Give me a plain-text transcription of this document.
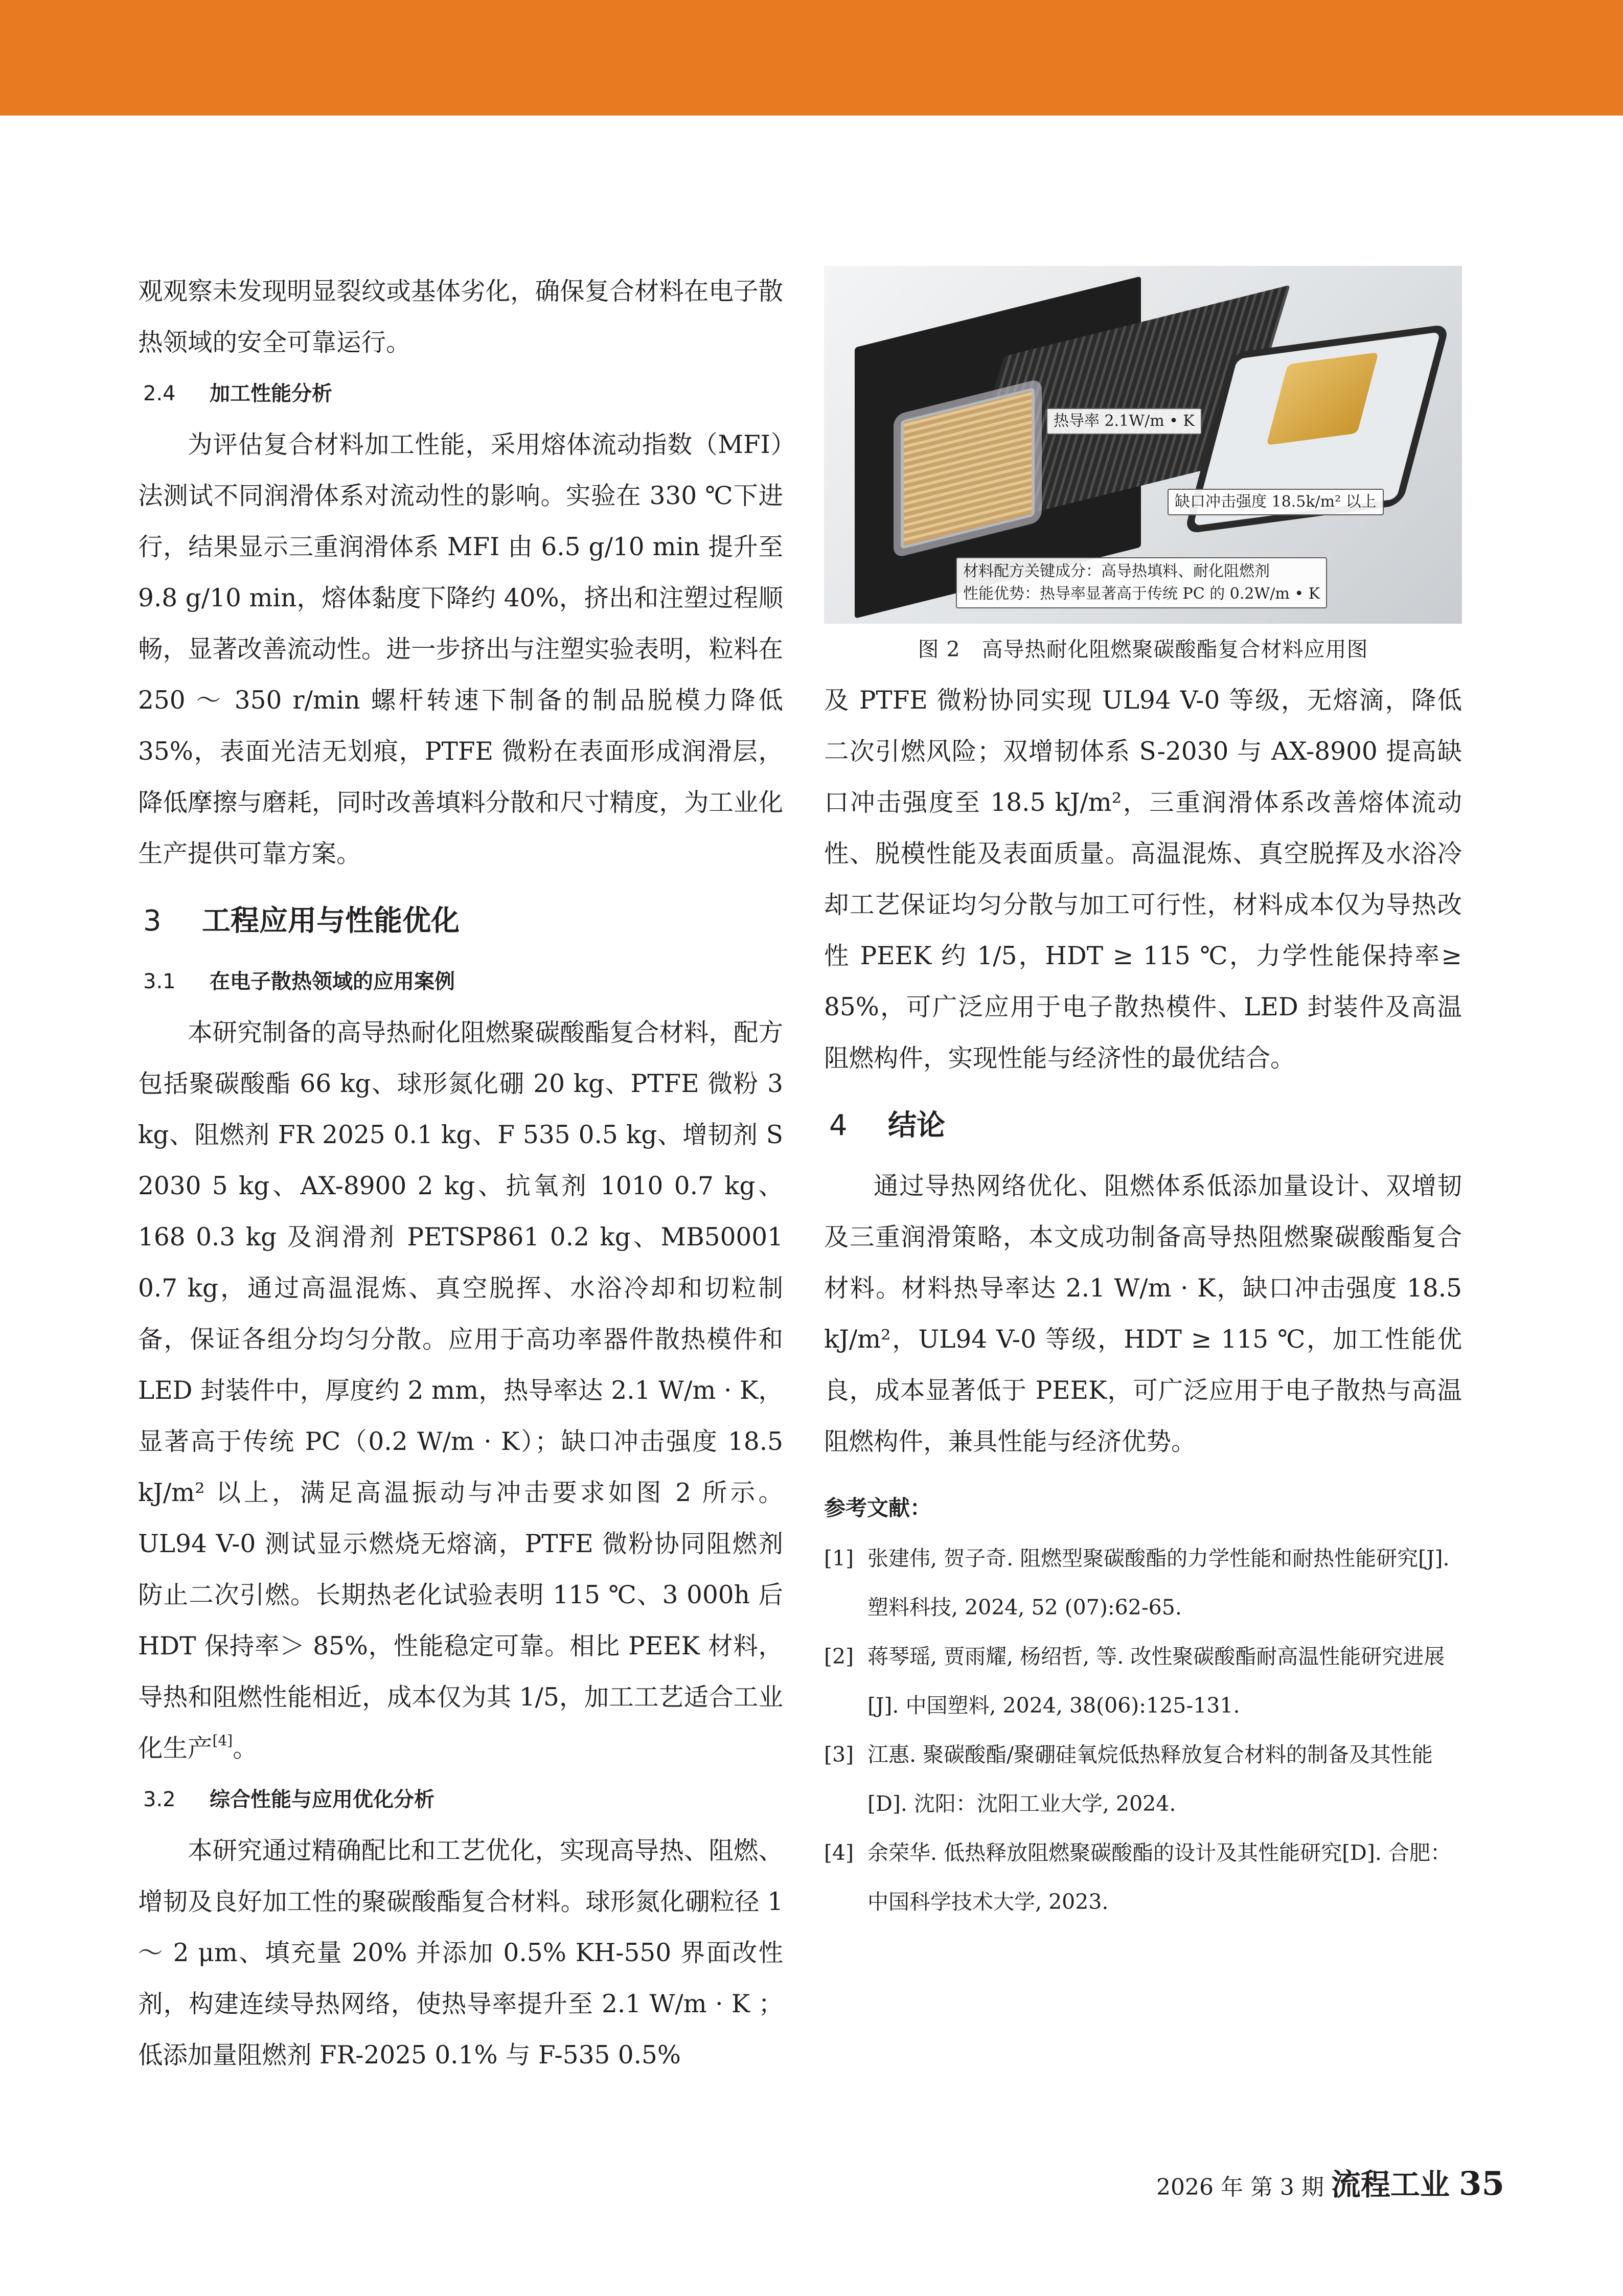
观观察未发现明显裂纹或基体劣化，确保复合材料在电子散热领域的安全可靠运行。

2.4 加工性能分析

为评估复合材料加工性能，采用熔体流动指数（MFI）法测试不同润滑体系对流动性的影响。实验在 330 ℃下进行，结果显示三重润滑体系 MFI 由 6.5 g/10 min 提升至 9.8 g/10 min，熔体黏度下降约 40%，挤出和注塑过程顺畅，显著改善流动性。进一步挤出与注塑实验表明，粒料在 250 ～ 350 r/min 螺杆转速下制备的制品脱模力降低 35%，表面光洁无划痕，PTFE 微粉在表面形成润滑层，降低摩擦与磨耗，同时改善填料分散和尺寸精度，为工业化生产提供可靠方案。

3 工程应用与性能优化

3.1 在电子散热领域的应用案例

本研究制备的高导热耐化阻燃聚碳酸酯复合材料，配方包括聚碳酸酯 66 kg、球形氮化硼 20 kg、PTFE 微粉 3 kg、阻燃剂 FR 2025 0.1 kg、F 535 0.5 kg、增韧剂 S 2030 5 kg、AX-8900 2 kg、抗氧剂 1010 0.7 kg、168 0.3 kg 及润滑剂 PETSP861 0.2 kg、MB50001 0.7 kg，通过高温混炼、真空脱挥、水浴冷却和切粒制备，保证各组分均匀分散。应用于高功率器件散热模件和 LED 封装件中，厚度约 2 mm，热导率达 2.1 W/m · K，显著高于传统 PC（0.2 W/m · K）；缺口冲击强度 18.5 kJ/m² 以上，满足高温振动与冲击要求如图 2 所示。UL94 V-0 测试显示燃烧无熔滴，PTFE 微粉协同阻燃剂防止二次引燃。长期热老化试验表明 115 ℃、3 000h 后 HDT 保持率＞ 85%，性能稳定可靠。相比 PEEK 材料，导热和阻燃性能相近，成本仅为其 1/5，加工工艺适合工业化生产[4]。

3.2 综合性能与应用优化分析

本研究通过精确配比和工艺优化，实现高导热、阻燃、增韧及良好加工性的聚碳酸酯复合材料。球形氮化硼粒径 1 ～ 2 μm、填充量 20% 并添加 0.5% KH-550 界面改性剂，构建连续导热网络，使热导率提升至 2.1 W/m · K ；低添加量阻燃剂 FR-2025 0.1% 与 F-535 0.5%

热导率 2.1W/m • K
缺口冲击强度 18.5k/m² 以上
材料配方关键成分：高导热填料、耐化阻燃剂
性能优势：热导率显著高于传统 PC 的 0.2W/m • K

图 2 高导热耐化阻燃聚碳酸酯复合材料应用图

及 PTFE 微粉协同实现 UL94 V-0 等级，无熔滴，降低二次引燃风险；双增韧体系 S-2030 与 AX-8900 提高缺口冲击强度至 18.5 kJ/m²，三重润滑体系改善熔体流动性、脱模性能及表面质量。高温混炼、真空脱挥及水浴冷却工艺保证均匀分散与加工可行性，材料成本仅为导热改性 PEEK 约 1/5，HDT ≥ 115 ℃，力学性能保持率≥ 85%，可广泛应用于电子散热模件、LED 封装件及高温阻燃构件，实现性能与经济性的最优结合。

4 结论

通过导热网络优化、阻燃体系低添加量设计、双增韧及三重润滑策略，本文成功制备高导热阻燃聚碳酸酯复合材料。材料热导率达 2.1 W/m · K，缺口冲击强度 18.5 kJ/m²，UL94 V-0 等级，HDT ≥ 115 ℃，加工性能优良，成本显著低于 PEEK，可广泛应用于电子散热与高温阻燃构件，兼具性能与经济优势。

参考文献：

[1] 张建伟, 贺子奇. 阻燃型聚碳酸酯的力学性能和耐热性能研究[J]. 塑料科技, 2024, 52 (07):62-65.

[2] 蒋琴瑶, 贾雨耀, 杨绍哲, 等. 改性聚碳酸酯耐高温性能研究进展[J]. 中国塑料, 2024, 38(06):125-131.

[3] 江惠. 聚碳酸酯/聚硼硅氧烷低热释放复合材料的制备及其性能[D]. 沈阳：沈阳工业大学, 2024.

[4] 余荣华. 低热释放阻燃聚碳酸酯的设计及其性能研究[D]. 合肥：中国科学技术大学, 2023.

2026 年 第 3 期 流程工业 35
